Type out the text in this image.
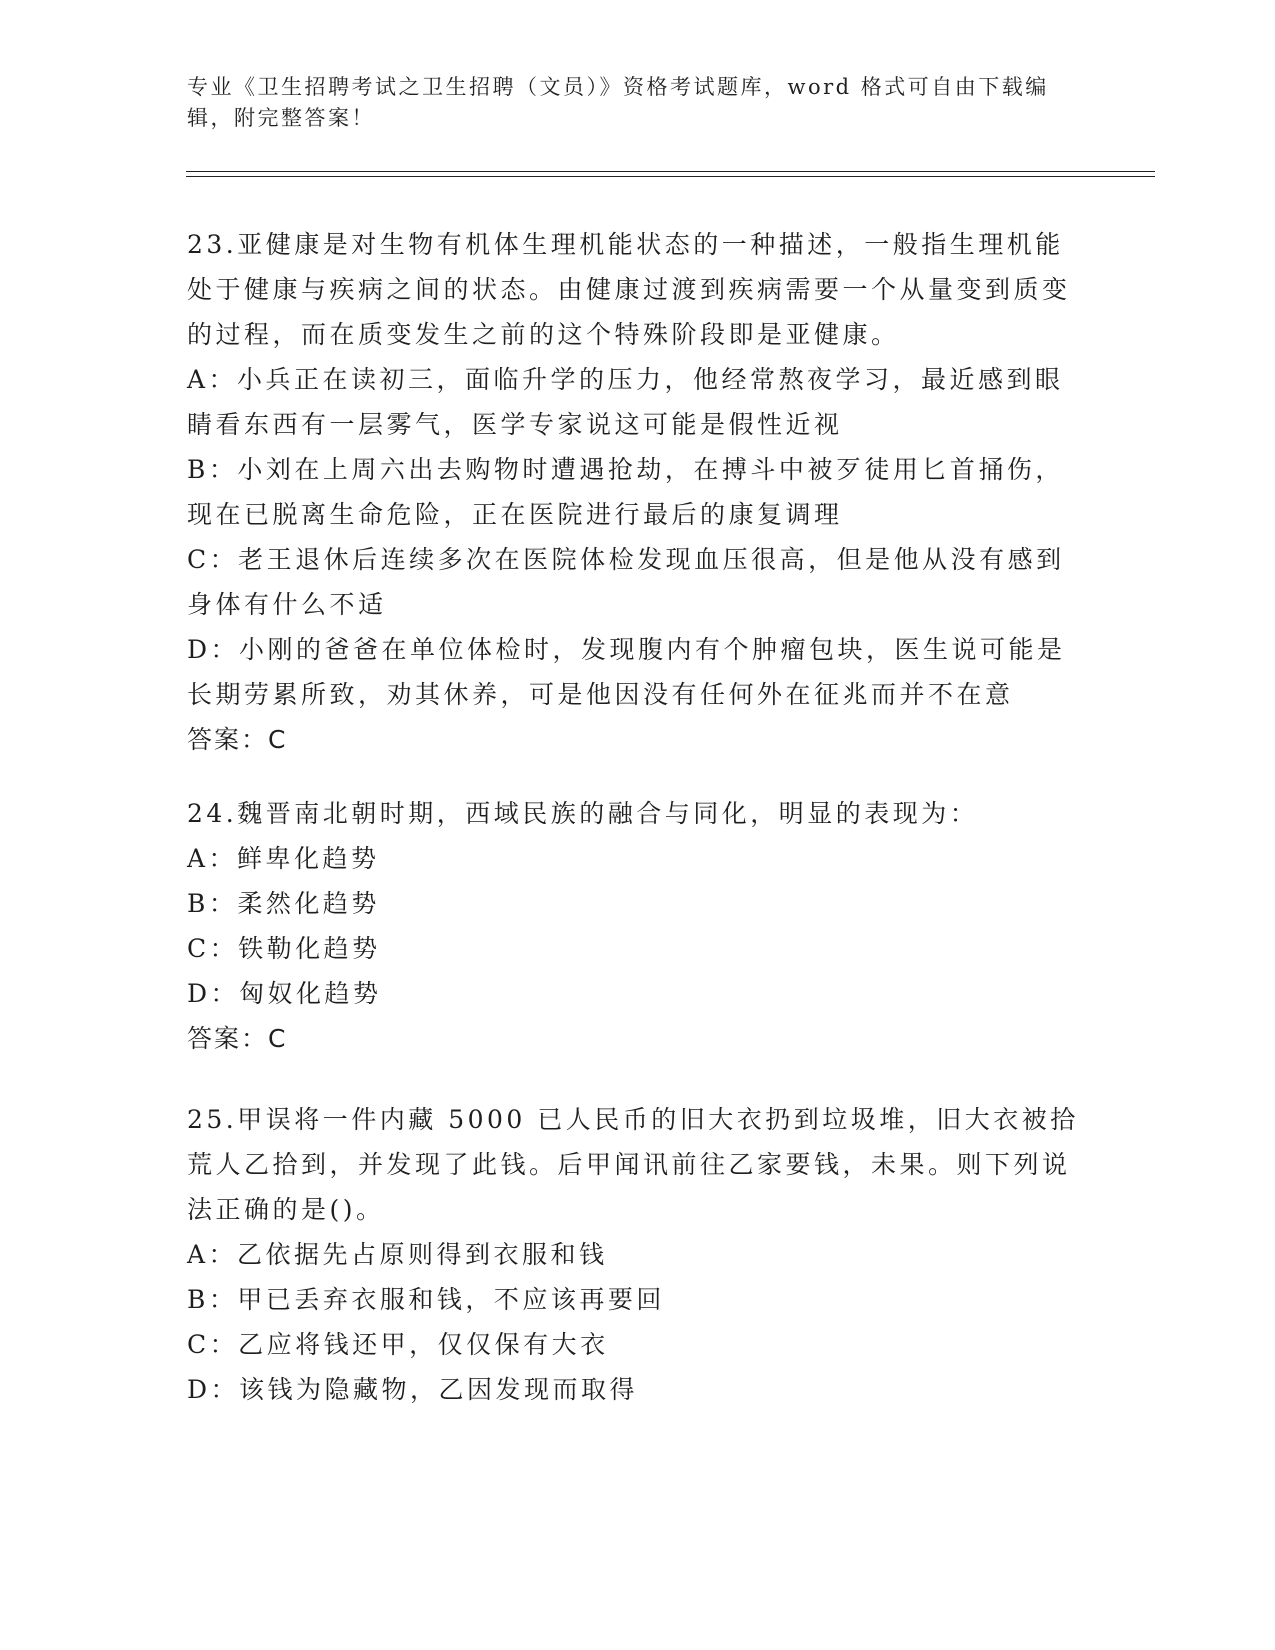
专业《卫生招聘考试之卫生招聘（文员）》资格考试题库，word 格式可自由下载编辑，附完整答案！

23.亚健康是对生物有机体生理机能状态的一种描述，一般指生理机能处于健康与疾病之间的状态。由健康过渡到疾病需要一个从量变到质变的过程，而在质变发生之前的这个特殊阶段即是亚健康。

A：小兵正在读初三，面临升学的压力，他经常熬夜学习，最近感到眼睛看东西有一层雾气，医学专家说这可能是假性近视

B：小刘在上周六出去购物时遭遇抢劫，在搏斗中被歹徒用匕首捅伤，现在已脱离生命危险，正在医院进行最后的康复调理

C：老王退休后连续多次在医院体检发现血压很高，但是他从没有感到身体有什么不适

D：小刚的爸爸在单位体检时，发现腹内有个肿瘤包块，医生说可能是长期劳累所致，劝其休养，可是他因没有任何外在征兆而并不在意

答案：C

24.魏晋南北朝时期，西域民族的融合与同化，明显的表现为：

A：鲜卑化趋势

B：柔然化趋势

C：铁勒化趋势

D：匈奴化趋势

答案：C

25.甲误将一件内藏 5000 已人民币的旧大衣扔到垃圾堆，旧大衣被拾荒人乙拾到，并发现了此钱。后甲闻讯前往乙家要钱，未果。则下列说法正确的是()。

A：乙依据先占原则得到衣服和钱

B：甲已丢弃衣服和钱，不应该再要回

C：乙应将钱还甲，仅仅保有大衣

D：该钱为隐藏物，乙因发现而取得
